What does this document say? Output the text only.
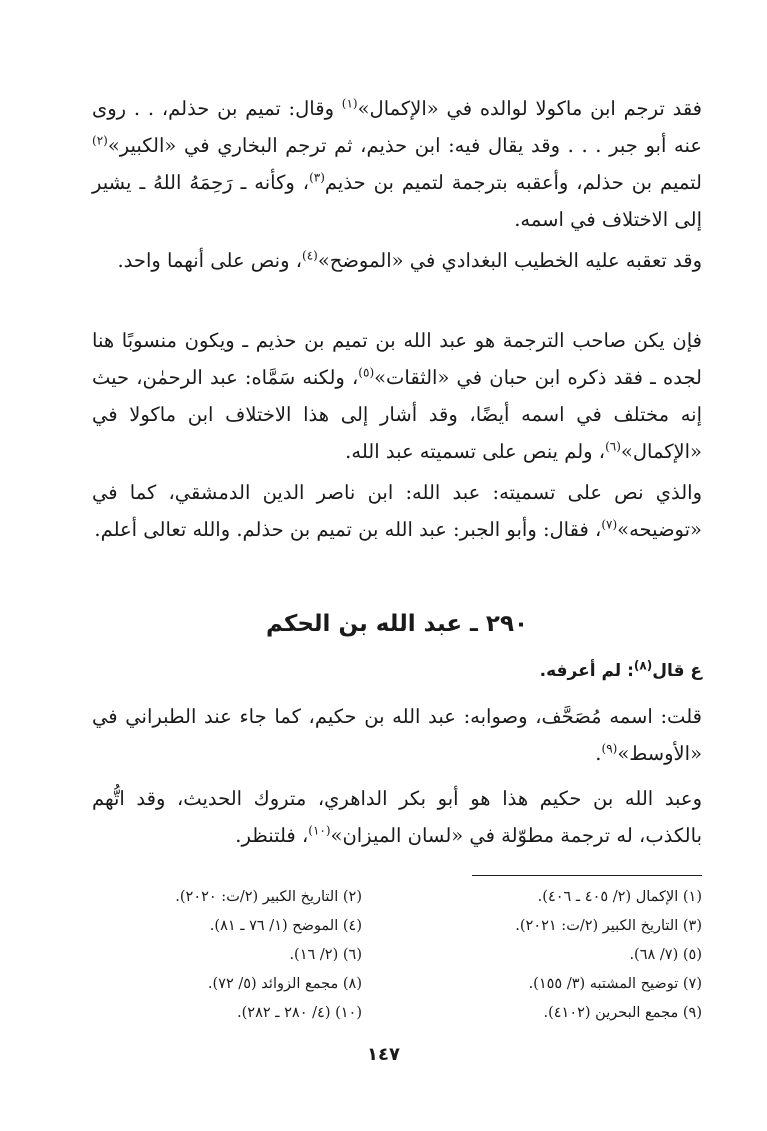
فقد ترجم ابن ماكولا لوالده في «الإكمال»$^{(١)}$ وقال: تميم بن حذلم، . . روى عنه أبو جبر . . . وقد يقال فيه: ابن حذيم، ثم ترجم البخاري في «الكبير»$^{(٢)}$ لتميم بن حذلم، وأعقبه بترجمة لتميم بن حذيم$^{(٣)}$، وكأنه ـ رَحِمَهُ اللهُ ـ يشير إلى الاختلاف في اسمه.

وقد تعقبه عليه الخطيب البغدادي في «الموضح»$^{(٤)}$، ونص على أنهما واحد.

فإن يكن صاحب الترجمة هو عبد الله بن تميم بن حذيم ـ ويكون منسوبًا هنا لجده ـ فقد ذكره ابن حبان في «الثقات»$^{(٥)}$، ولكنه سَمَّاه: عبد الرحمٰن، حيث إنه مختلف في اسمه أيضًا، وقد أشار إلى هذا الاختلاف ابن ماكولا في «الإكمال»$^{(٦)}$، ولم ينص على تسميته عبد الله.

والذي نص على تسميته: عبد الله: ابن ناصر الدين الدمشقي، كما في «توضيحه»$^{(٧)}$، فقال: وأبو الجبر: عبد الله بن تميم بن حذلم. والله تعالى أعلم.

٢٩٠ ـ عبد الله بن الحكم

ع قال$^{(٨)}$: لم أعرفه.

قلت: اسمه مُصَحَّف، وصوابه: عبد الله بن حكيم، كما جاء عند الطبراني في «الأوسط»$^{(٩)}$.

وعبد الله بن حكيم هذا هو أبو بكر الداهري، متروك الحديث، وقد اتُّهم بالكذب، له ترجمة مطوّلة في «لسان الميزان»$^{(١٠)}$، فلتنظر.

(١) الإكمال (٢/ ٤٠٥ ـ ٤٠٦).
(٣) التاريخ الكبير (٢/ت: ٢٠٢١).
(٥) (٧/ ٦٨).
(٧) توضيح المشتبه (٣/ ١٥٥).
(٩) مجمع البحرين (٤١٠٢).
(٢) التاريخ الكبير (٢/ت: ٢٠٢٠).
(٤) الموضح (١/ ٧٦ ـ ٨١).
(٦) (٢/ ١٦).
(٨) مجمع الزوائد (٥/ ٧٢).
(١٠) (٤/ ٢٨٠ ـ ٢٨٢).
١٤٧
